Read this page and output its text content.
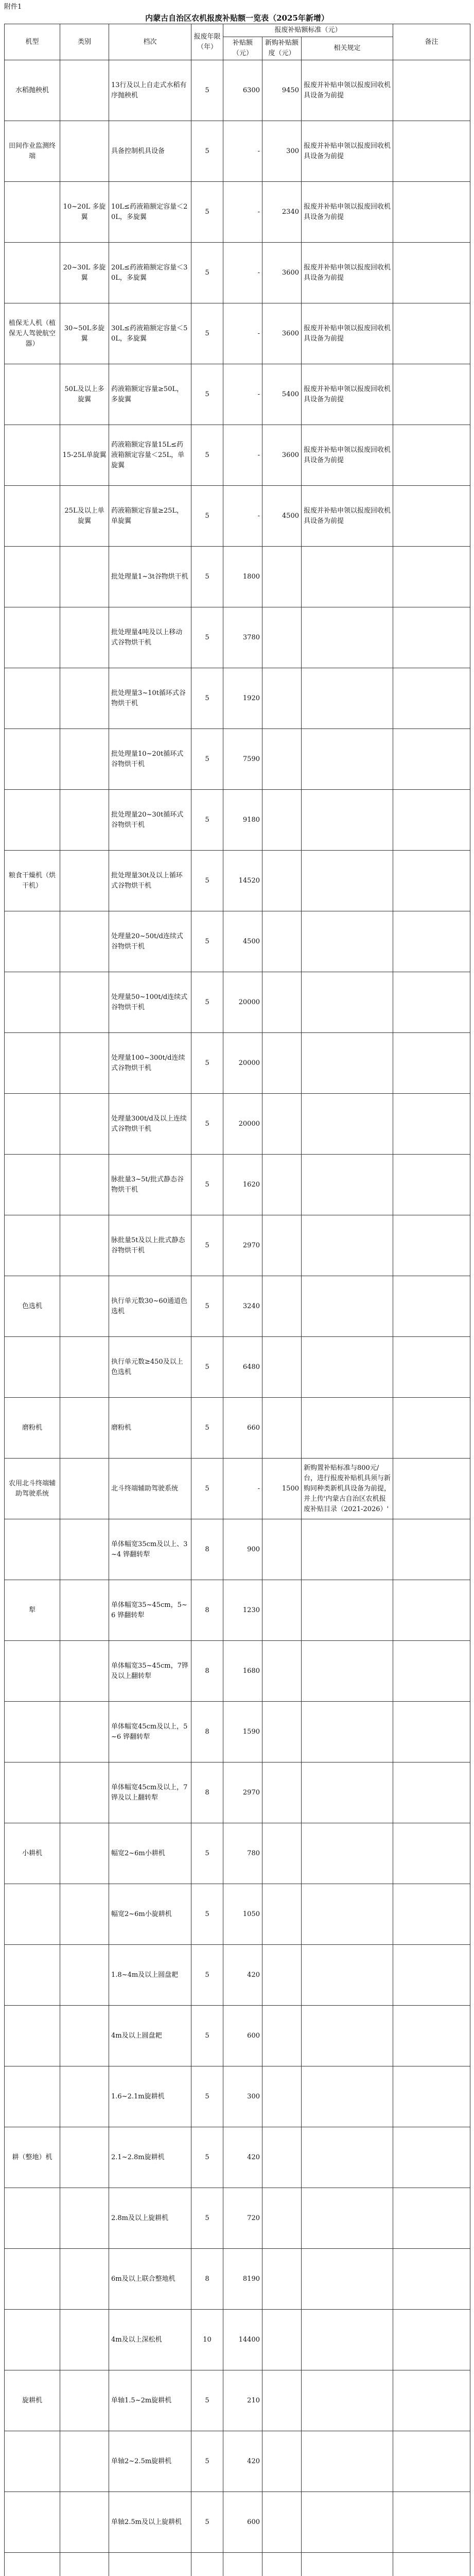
附件1
内蒙古自治区农机报废补贴额一览表（2025年新增）
机型	类别	档次	报废年限（年）	报废补贴额标准（元）			备注
				补贴额（元）	新购补贴额度（元）	相关规定	
水稻抛秧机		13行及以上自走式水稻有序抛秧机	5	6300	9450	报废并补贴申领以报废回收机具设备为前提	
田间作业监测终端		具备控制机具设备	5	-	300	报废并补贴申领以报废回收机具设备为前提	
	10~20L 多旋翼	10L≤药液箱额定容量＜20L，多旋翼	5	-	2340	报废并补贴申领以报废回收机具设备为前提	
	20~30L 多旋翼	20L≤药液箱额定容量＜30L，多旋翼	5	-	3600	报废并补贴申领以报废回收机具设备为前提	
植保无人机（植保无人驾驶航空器）	30~50L多旋翼	30L≤药液箱额定容量＜50L，多旋翼	5	-	3600	报废并补贴申领以报废回收机具设备为前提	
	50L及以上多旋翼	药液箱额定容量≥50L，多旋翼	5	-	5400	报废并补贴申领以报废回收机具设备为前提	
	15-25L单旋翼	药液箱额定容量15L≤药液箱额定容量＜25L，单旋翼	5	-	3600	报废并补贴申领以报废回收机具设备为前提	
	25L及以上单旋翼	药液箱额定容量≥25L，单旋翼	5	-	4500	报废并补贴申领以报废回收机具设备为前提	
		批处理量1~3t谷物烘干机	5	1800			
		批处理量4吨及以上移动式谷物烘干机	5	3780			
		批处理量3~10t循环式谷物烘干机	5	1920			
		批处理量10~20t循环式谷物烘干机	5	7590			
		批处理量20~30t循环式谷物烘干机	5	9180			
粮食干燥机（烘干机）		批处理量30t及以上循环式谷物烘干机	5	14520			
		处理量20~50t/d连续式谷物烘干机	5	4500			
		处理量50~100t/d连续式谷物烘干机	5	20000			
		处理量100~300t/d连续式谷物烘干机	5	20000			
		处理量300t/d及以上连续式谷物烘干机	5	20000			
		脉批量3~5t/批式静态谷物烘干机	5	1620			
		脉批量5t及以上批式静态谷物烘干机	5	2970			
色选机		执行单元数30~60通道色选机	5	3240			
		执行单元数≥450及以上色选机	5	6480			
磨粉机		磨粉机	5	660			
农用北斗终端辅助驾驶系统		北斗终端辅助驾驶系统	5	-	1500	新购置补贴标准与800元/台，进行报废补贴机具须与新购同种类新机具设备为前提，并上传'内蒙古自治区农机报废补贴目录（2021-2026）'	
		单体幅宽35cm及以上、3~4 铧翻转犁	8	900			
犁		单体幅宽35~45cm，5~6 铧翻转犁	8	1230			
		单体幅宽35~45cm，7铧及以上翻转犁	8	1680			
		单体幅宽45cm及以上，5~6 铧翻转犁	8	1590			
		单体幅宽45cm及以上，7铧及以上翻转犁	8	2970			
小耕机		幅宽2~6m小耕机	5	780			
		幅宽2~6m小旋耕机	5	1050			
		1.8~4m及以上圆盘耙	5	420			
		4m及以上圆盘耙	5	600			
		1.6~2.1m旋耕机	5	300			
耕（整地）机		2.1~2.8m旋耕机	5	420			
		2.8m及以上旋耕机	5	720			
		6m及以上联合整地机	8	8190			
		4m及以上深松机	10	14400			
旋耕机		单轴1.5~2m旋耕机	5	210			
		单轴2~2.5m旋耕机	5	420			
		单轴2.5m及以上旋耕机	5	600			
